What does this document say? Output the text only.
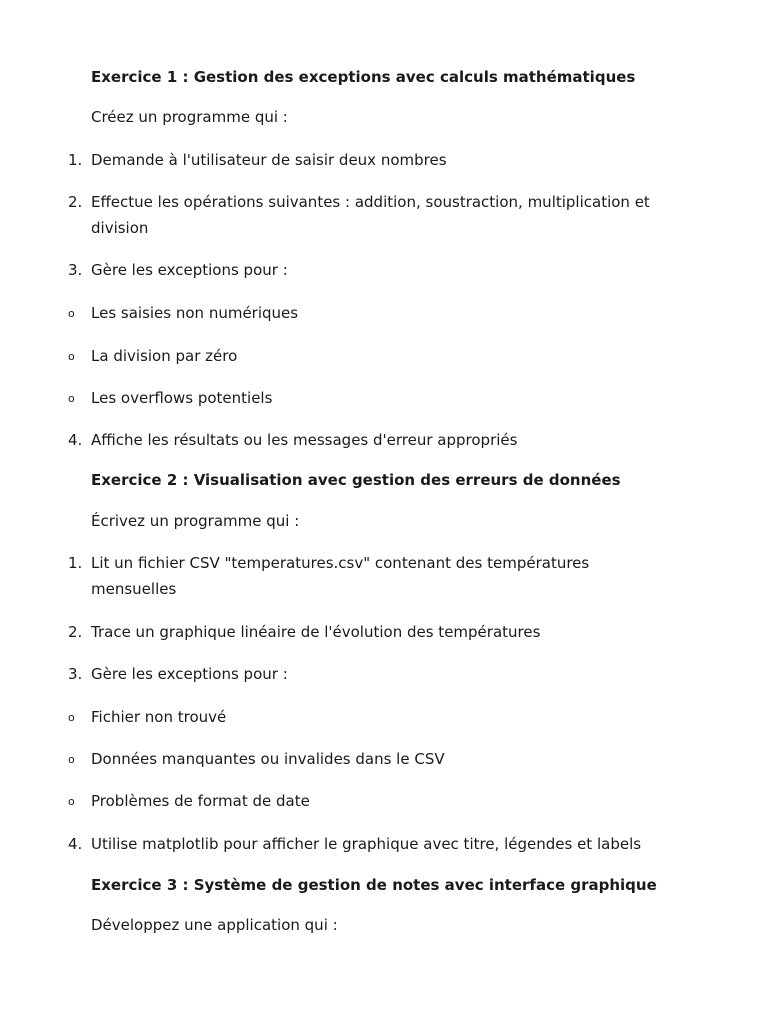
Exercice 1 : Gestion des exceptions avec calculs mathématiques
Créez un programme qui :
1. Demande à l'utilisateur de saisir deux nombres
2. Effectue les opérations suivantes : addition, soustraction, multiplication et division
3. Gère les exceptions pour :
o Les saisies non numériques
o La division par zéro
o Les overflows potentiels
4. Affiche les résultats ou les messages d'erreur appropriés
Exercice 2 : Visualisation avec gestion des erreurs de données
Écrivez un programme qui :
1. Lit un fichier CSV "temperatures.csv" contenant des températures mensuelles
2. Trace un graphique linéaire de l'évolution des températures
3. Gère les exceptions pour :
o Fichier non trouvé
o Données manquantes ou invalides dans le CSV
o Problèmes de format de date
4. Utilise matplotlib pour afficher le graphique avec titre, légendes et labels
Exercice 3 : Système de gestion de notes avec interface graphique
Développez une application qui :
